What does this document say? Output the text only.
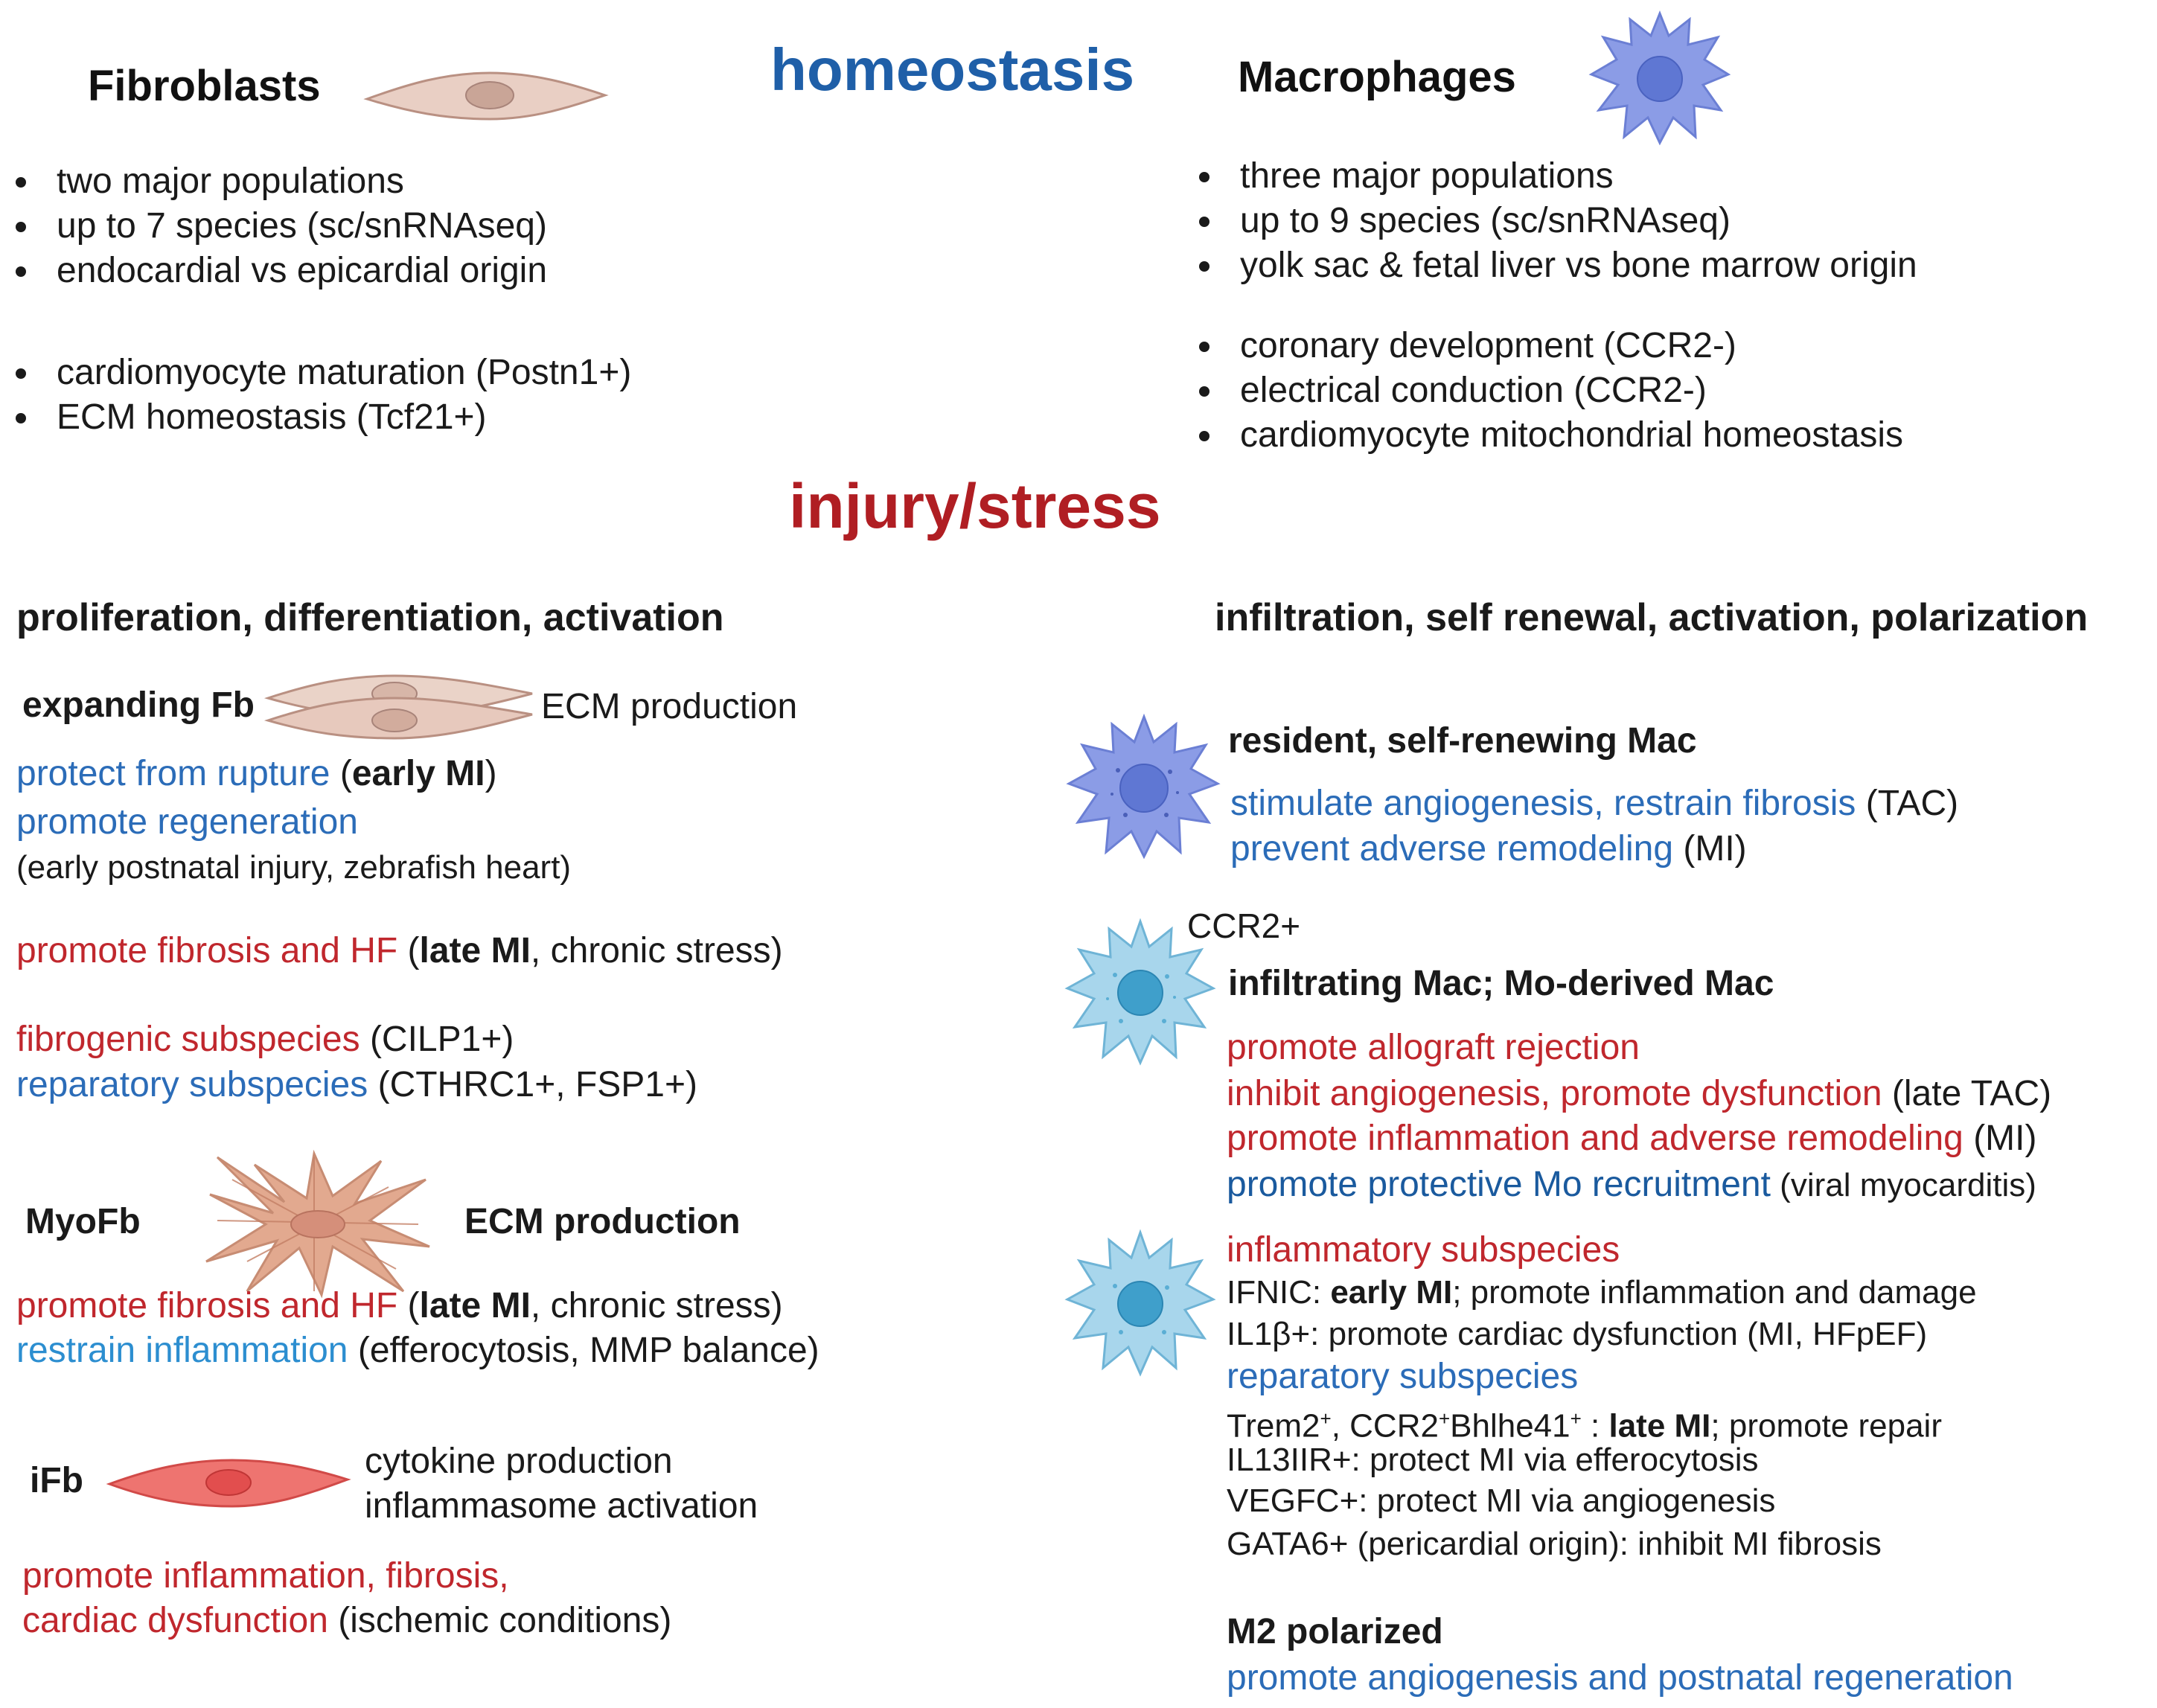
homeostasis
injury/stress
Fibroblasts
• two major populations
• up to 7 species (sc/snRNAseq)
• endocardial vs epicardial origin
• cardiomyocyte maturation (Postn1+)
• ECM homeostasis (Tcf21+)
Macrophages
• three major populations
• up to 9 species (sc/snRNAseq)
• yolk sac & fetal liver vs bone marrow origin
• coronary development (CCR2-)
• electrical conduction (CCR2-)
• cardiomyocyte mitochondrial homeostasis
proliferation, differentiation, activation	infiltration, self renewal, activation, polarization
expanding Fb	ECM production
protect from rupture (early MI)
promote regeneration
(early postnatal injury, zebrafish heart)
promote fibrosis and HF (late MI, chronic stress)
fibrogenic subspecies (CILP1+)
reparatory subspecies (CTHRC1+, FSP1+)
MyoFb	ECM production
promote fibrosis and HF (late MI, chronic stress)
restrain inflammation (efferocytosis, MMP balance)
iFb	cytokine production
inflammasome activation
promote inflammation, fibrosis,
cardiac dysfunction (ischemic conditions)
resident, self-renewing Mac
stimulate angiogenesis, restrain fibrosis (TAC)
prevent adverse remodeling (MI)
CCR2+
infiltrating Mac; Mo-derived Mac
promote allograft rejection
inhibit angiogenesis, promote dysfunction (late TAC)
promote inflammation and adverse remodeling (MI)
promote protective Mo recruitment (viral myocarditis)
inflammatory subspecies
IFNIC: early MI; promote inflammation and damage
IL1β+: promote cardiac dysfunction (MI, HFpEF)
reparatory subspecies
Trem2+, CCR2+Bhlhe41+ : late MI; promote repair
IL13IIR+: protect MI via efferocytosis
VEGFC+: protect MI via angiogenesis
GATA6+ (pericardial origin): inhibit MI fibrosis
M2 polarized
promote angiogenesis and postnatal regeneration
